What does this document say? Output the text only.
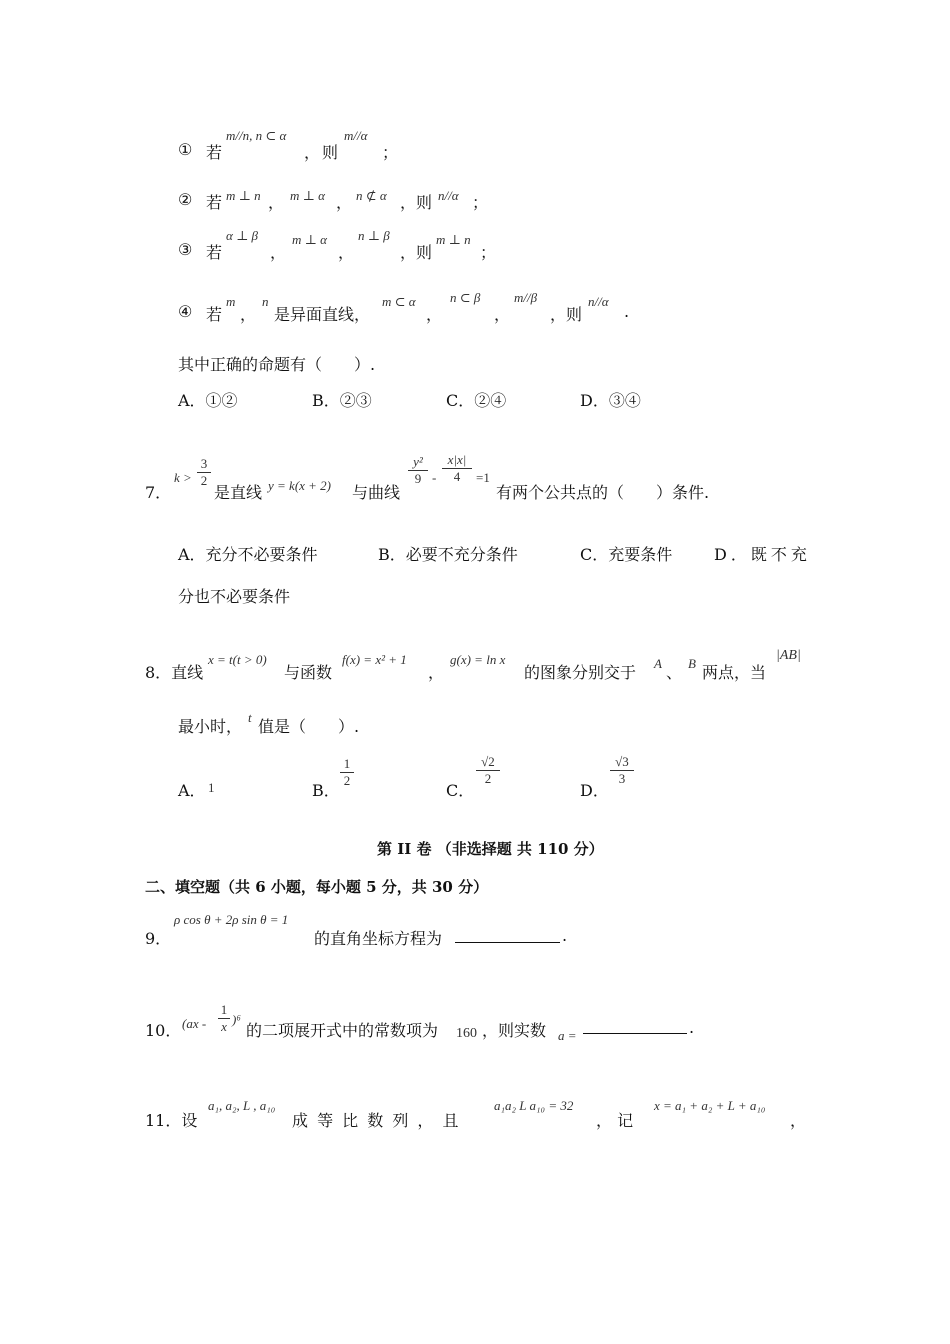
① 若
m//n, n ⊂ α
， 则
m//α
；
② 若 m ⊥ n ， m ⊥ α ， n ⊄ α ，则 n//α ；
③ 若
α ⊥ β
，
m ⊥ α
，
n ⊥ β
，则
m ⊥ n
；
④ 若
m
，
n
是异面直线，
m ⊂ α
，
n ⊂ β
，
m//β
，则
n//α
.
其中正确的命题有（　　）.
A．①②	B．②③	C．②④	D．③④
7．
k >
3
2
是直线 y = k(x + 2) 与曲线
y²
9 -
x|x|
4	=1
有两个公共点的（　　）条件.
A．充分不必要条件	B．必要不充分条件	C．充要条件	D．既不充
分也不必要条件
8．直线
x = t(t > 0)
与函数
f(x) = x² + 1
，
g(x) = ln x
的图象分别交于 A 、 B 两点，当
|AB|
最小时， t 值是（　　）.
A． 1	B．
1
2
C．
√2
2
D．
√3
3
第 II 卷 （非选择题 共 110 分）
二、填空题（共 6 小题，每小题 5 分，共 30 分）
9．
ρ cos θ + 2ρ sin θ = 1
的直角坐标方程为	.
10． (ax -
1
x )⁶
的二项展开式中的常数项为 160 ，则实数 a =	.
11．设
a₁, a₂, L , a₁₀
成 等 比 数 列 ， 且
a₁a₂ L a₁₀ = 32
， 记
x = a₁ + a₂ + L + a₁₀
，
